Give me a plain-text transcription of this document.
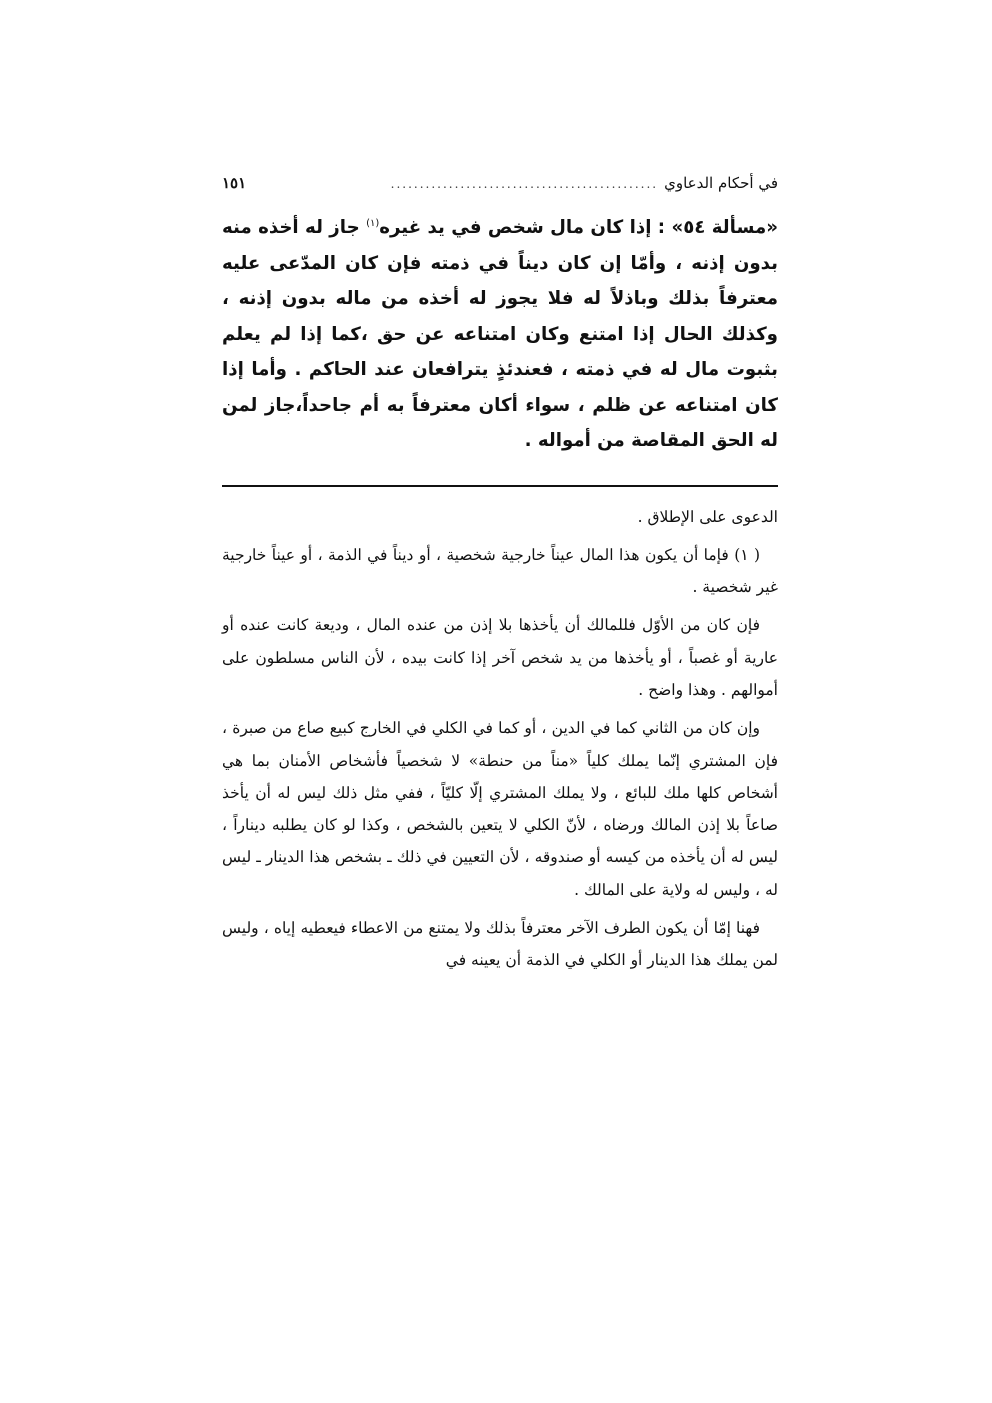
في أحكام الدعاوي
..............................................
١٥١
«مسألة ٥٤» : إذا كان مال شخص في يد غيره$^{(١)}$ جاز له أخذه منه بدون إذنه ، وأمّا إن كان ديناً في ذمته فإن كان المدّعى عليه معترفاً بذلك وباذلاً له فلا يجوز له أخذه من ماله بدون إذنه ، وكذلك الحال إذا امتنع وكان امتناعه عن حق ،كما إذا لم يعلم بثبوت مال له في ذمته ، فعندئذٍ يترافعان عند الحاكم . وأما إذا كان امتناعه عن ظلم ، سواء أكان معترفاً به أم جاحداً،جاز لمن له الحق المقاصة من أمواله .

الدعوى على الإطلاق .

( ١) فإما أن يكون هذا المال عيناً خارجية شخصية ، أو ديناً في الذمة ، أو عيناً خارجية غير شخصية .

فإن كان من الأوّل فللمالك أن يأخذها بلا إذن من عنده المال ، وديعة كانت عنده أو عارية أو غصباً ، أو يأخذها من يد شخص آخر إذا كانت بيده ، لأن الناس مسلطون على أموالهم . وهذا واضح .

وإن كان من الثاني كما في الدين ، أو كما في الكلي في الخارج كبيع صاع من صبرة ، فإن المشتري إنّما يملك كلياً «مناً من حنطة» لا شخصياً فأشخاص الأمنان بما هي أشخاص كلها ملك للبائع ، ولا يملك المشتري إلّا كليّاً ، ففي مثل ذلك ليس له أن يأخذ صاعاً بلا إذن المالك ورضاه ، لأنّ الكلي لا يتعين بالشخص ، وكذا لو كان يطلبه ديناراً ، ليس له أن يأخذه من كيسه أو صندوقه ، لأن التعيين في ذلك ـ بشخص هذا الدينار ـ ليس له ، وليس له ولاية على المالك .

فهنا إمّا أن يكون الطرف الآخر معترفاً بذلك ولا يمتنع من الاعطاء فيعطيه إياه ، وليس لمن يملك هذا الدينار أو الكلي في الذمة أن يعينه في
